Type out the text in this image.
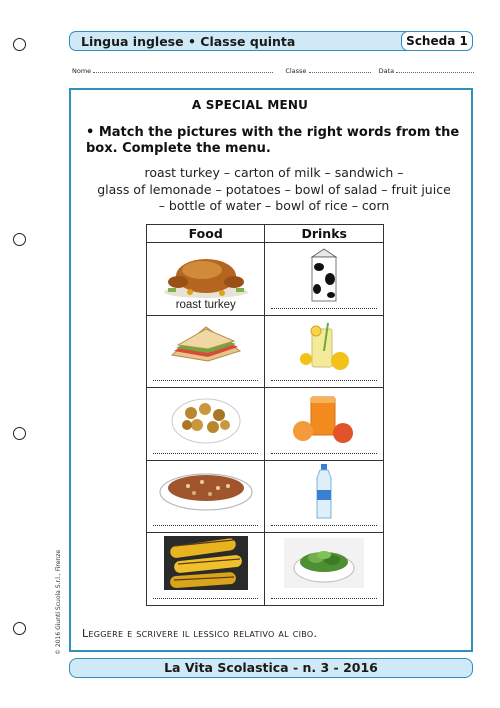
Lingua inglese • Classe quinta	Scheda 1
Nome	Classe	Data
A SPECIAL MENU
• Match the pictures with the right words from the box. Complete the menu.
roast turkey – carton of milk – sandwich –
glass of lemonade – potatoes – bowl of salad – fruit juice
– bottle of water – bowl of rice – corn
Food	Drinks

roast turkey

Leggere e scrivere il lessico relativo al cibo.
© 2016 Giunti Scuola S.r.l., Firenze
La Vita Scolastica - n. 3 - 2016
